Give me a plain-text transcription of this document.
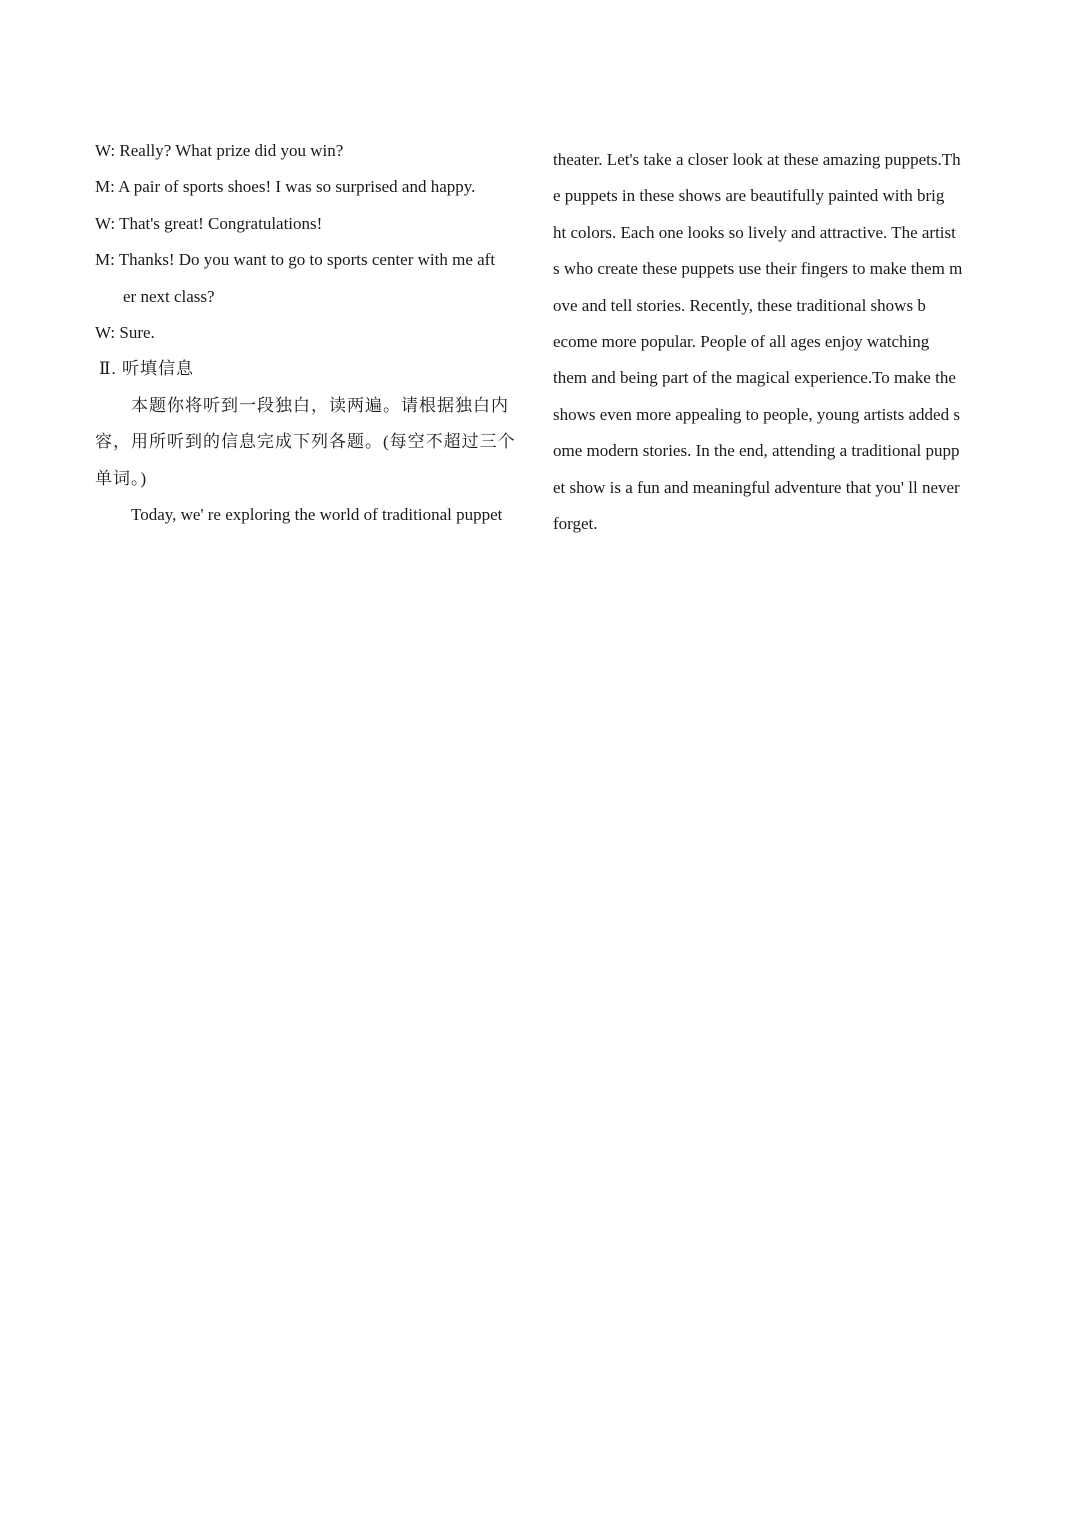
W: Really? What prize did you win?
M: A pair of sports shoes! I was so surprised and happy.
W: That's great! Congratulations!
M: Thanks! Do you want to go to sports center with me aft
er next class?
W: Sure.
Ⅱ. 听填信息
本题你将听到一段独白，读两遍。请根据独白内
容，用所听到的信息完成下列各题。(每空不超过三个
单词。)
Today, we' re exploring the world of traditional puppet
theater. Let's take a closer look at these amazing puppets.Th
e puppets in these shows are beautifully painted with brig
ht colors. Each one looks so lively and attractive. The artist
s who create these puppets use their fingers to make them m
ove and tell stories. Recently, these traditional shows b
ecome more popular. People of all ages enjoy watching
them and being part of the magical experience.To make the
shows even more appealing to people, young artists added s
ome modern stories. In the end, attending a traditional pupp
et show is a fun and meaningful adventure that you' ll never
forget.
